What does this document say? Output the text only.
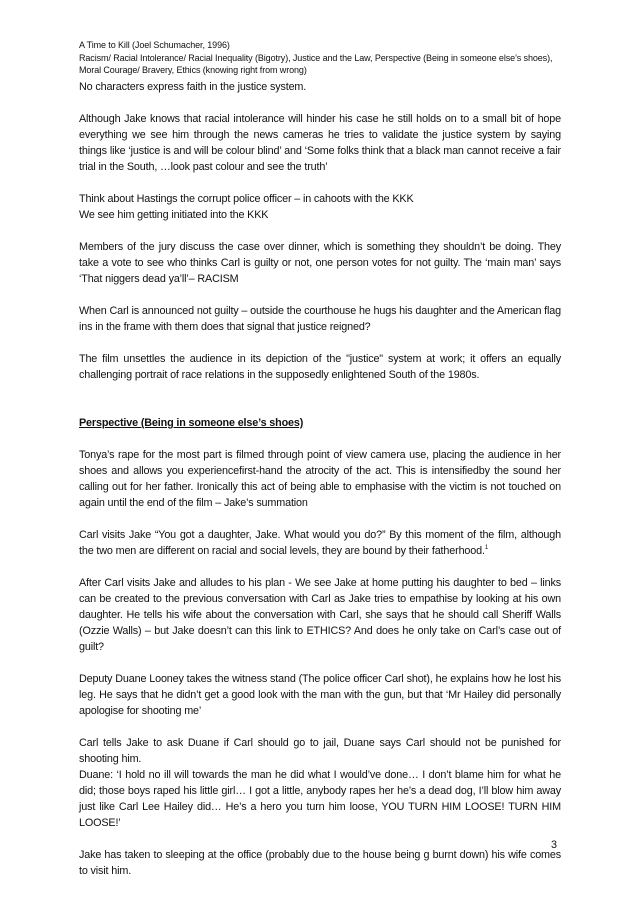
A Time to Kill (Joel Schumacher, 1996)
Racism/ Racial Intolerance/ Racial Inequality (Bigotry), Justice and the Law, Perspective (Being in someone else’s shoes),
Moral Courage/ Bravery, Ethics (knowing right from wrong)

No characters express faith in the justice system.

Although Jake knows that racial intolerance will hinder his case he still holds on to a small bit of hope everything we see him through the news cameras he tries to validate the justice system by saying things like ‘justice is and will be colour blind’ and ‘Some folks think that a black man cannot receive a fair trial in the South, …look past colour and see the truth’

Think about Hastings the corrupt police officer – in cahoots with the KKK

We see him getting initiated into the KKK

Members of the jury discuss the case over dinner, which is something they shouldn’t be doing. They take a vote to see who thinks Carl is guilty or not, one person votes for not guilty. The ‘main man’ says ‘That niggers dead ya’ll’– RACISM

When Carl is announced not guilty – outside the courthouse he hugs his daughter and the American flag ins in the frame with them does that signal that justice reigned?

The film unsettles the audience in its depiction of the "justice" system at work; it offers an equally challenging portrait of race relations in the supposedly enlightened South of the 1980s.

Perspective (Being in someone else’s shoes)

Tonya’s rape for the most part is filmed through point of view camera use, placing the audience in her shoes and allows you experiencefirst-hand the atrocity of the act. This is intensifiedby the sound her calling out for her father. Ironically this act of being able to emphasise with the victim is not touched on again until the end of the film – Jake’s summation

Carl visits Jake “You got a daughter, Jake. What would you do?” By this moment of the film, although the two men are different on racial and social levels, they are bound by their fatherhood.$^1$

After Carl visits Jake and alludes to his plan - We see Jake at home putting his daughter to bed – links can be created to the previous conversation with Carl as Jake tries to empathise by looking at his own daughter. He tells his wife about the conversation with Carl, she says that he should call Sheriff Walls (Ozzie Walls) – but Jake doesn’t can this link to ETHICS? And does he only take on Carl’s case out of guilt?

Deputy Duane Looney takes the witness stand (The police officer Carl shot), he explains how he lost his leg. He says that he didn’t get a good look with the man with the gun, but that ‘Mr Hailey did personally apologise for shooting me’

Carl tells Jake to ask Duane if Carl should go to jail, Duane says Carl should not be punished for shooting him.

Duane: ‘I hold no ill will towards the man he did what I would’ve done… I don’t blame him for what he did; those boys raped his little girl… I got a little, anybody rapes her he’s a dead dog, I’ll blow him away just like Carl Lee Hailey did… He’s a hero you turn him loose, YOU TURN HIM LOOSE! TURN HIM LOOSE!’

Jake has taken to sleeping at the office (probably due to the house being g burnt down) his wife comes to visit him.

3
